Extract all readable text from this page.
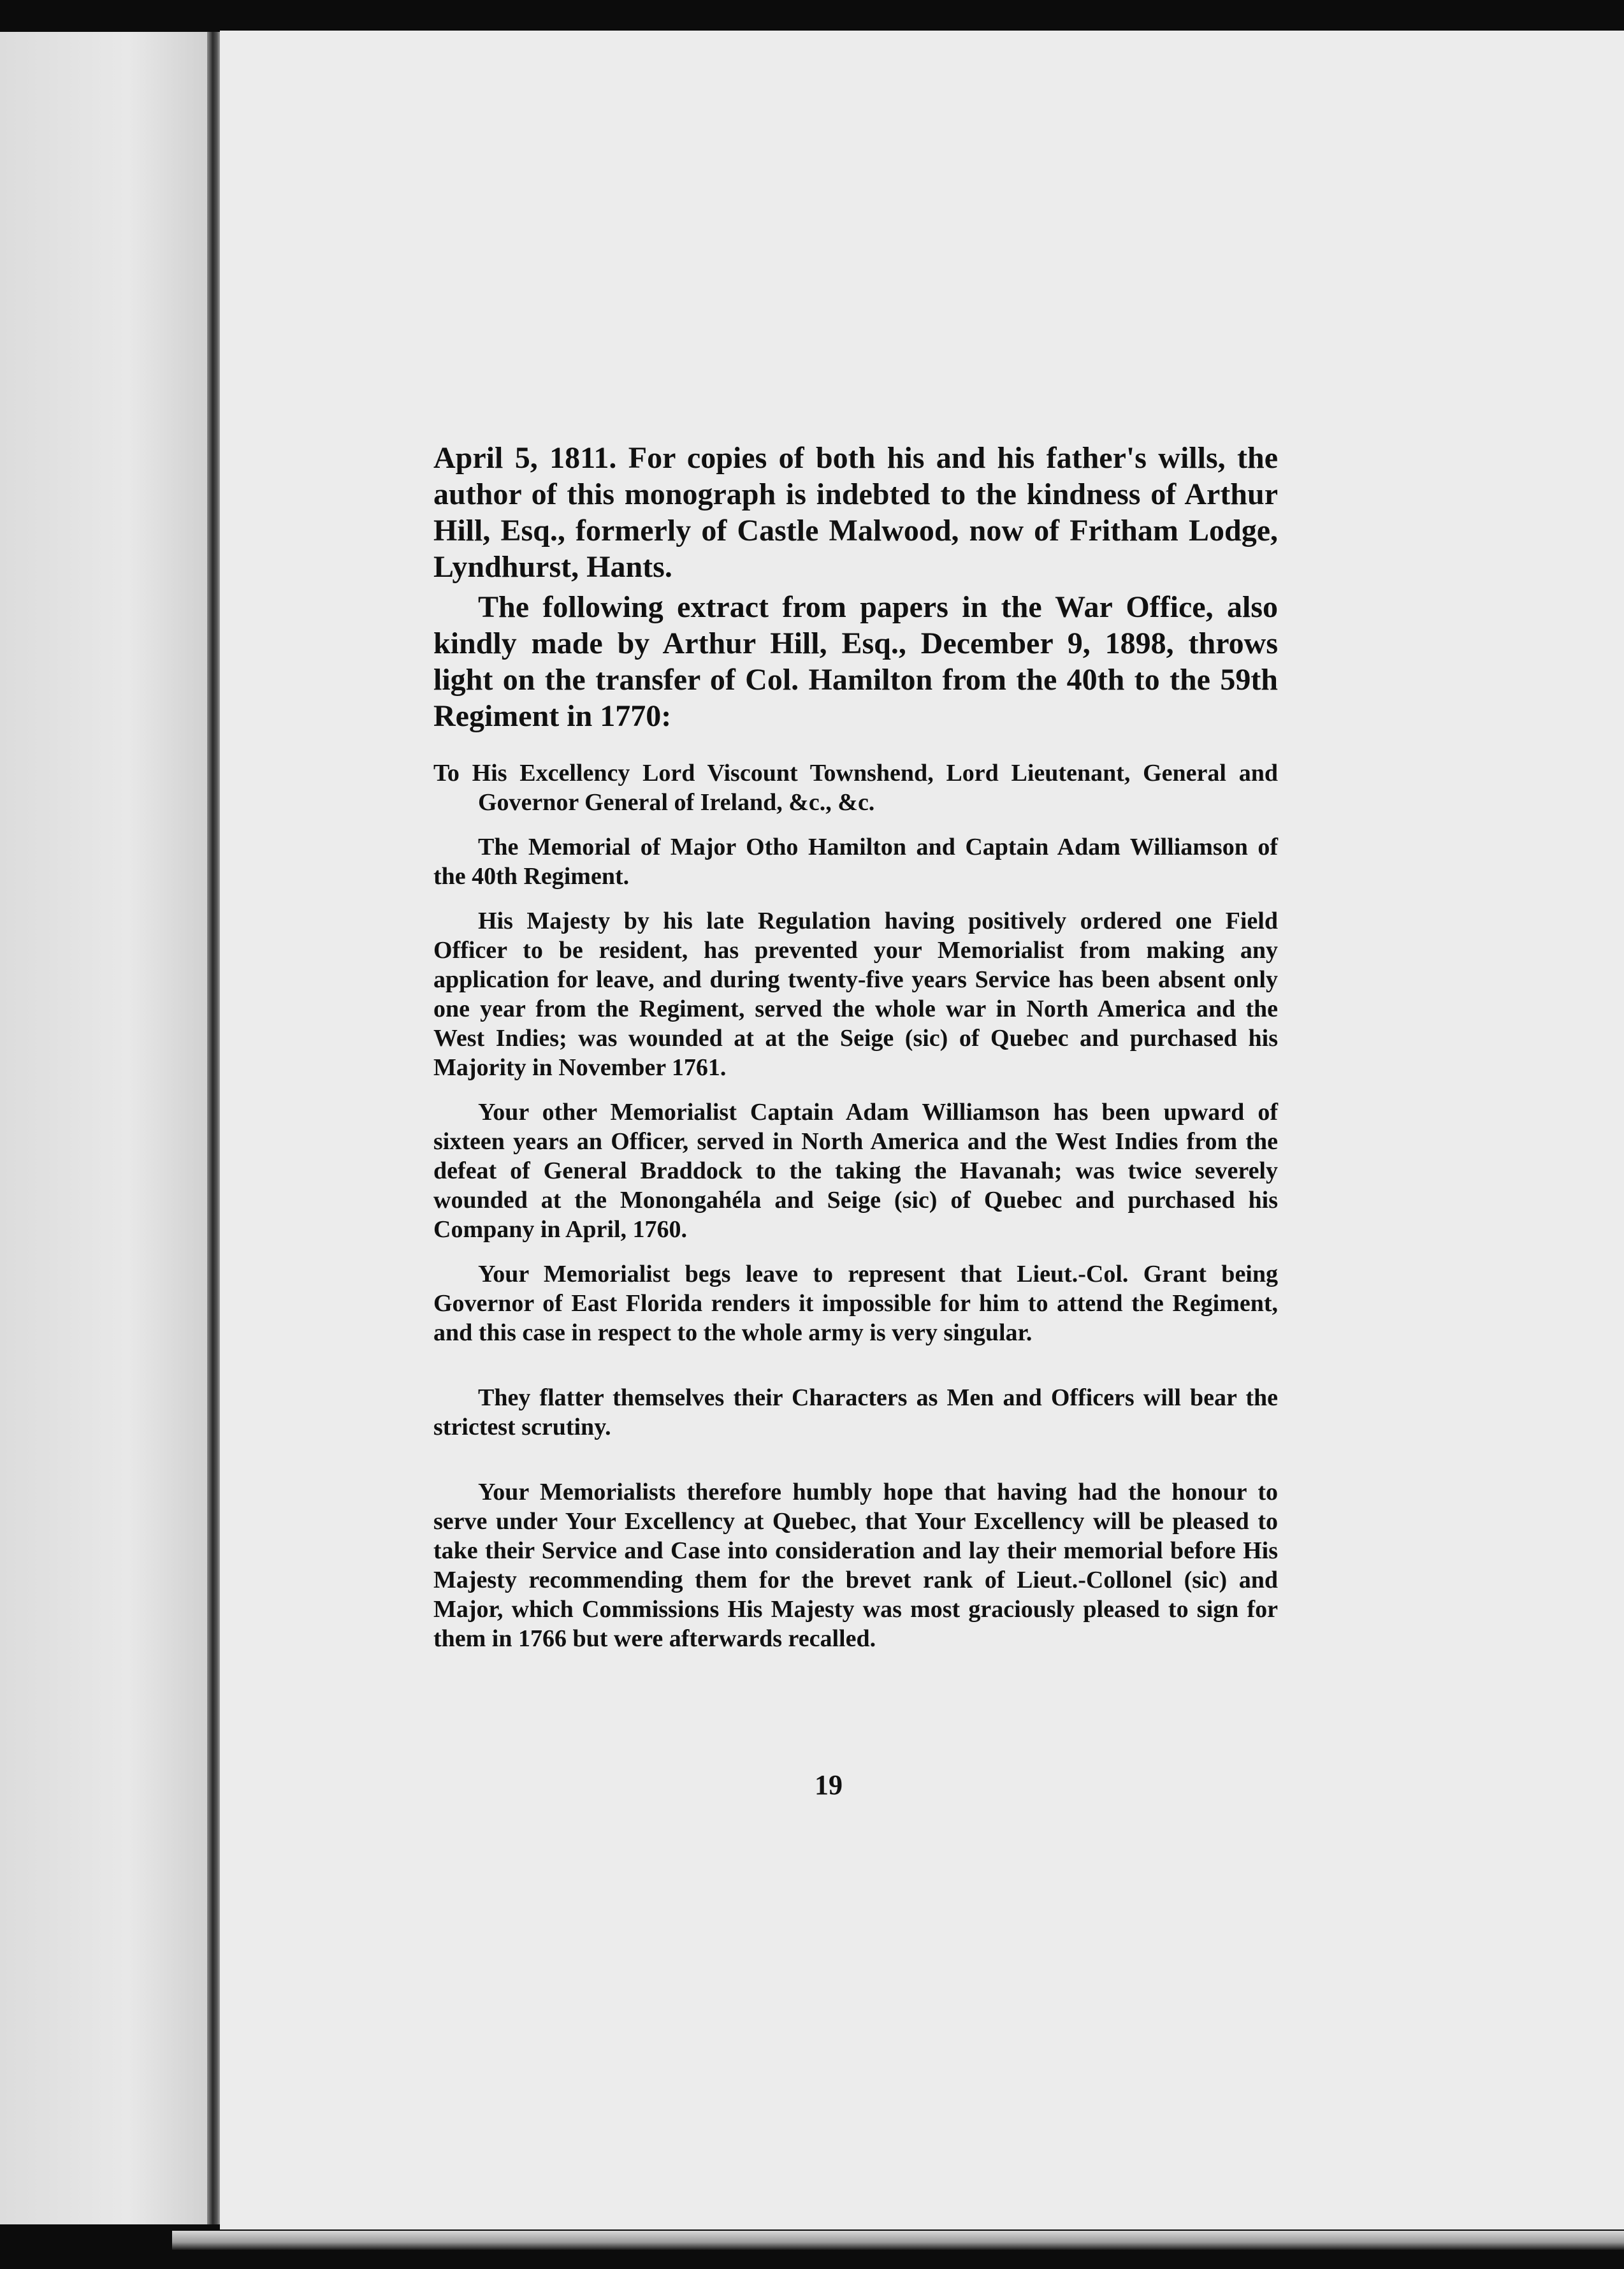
April 5, 1811. For copies of both his and his father's wills, the author of this monograph is indebted to the kindness of Arthur Hill, Esq., formerly of Castle Malwood, now of Fritham Lodge, Lyndhurst, Hants.

The following extract from papers in the War Office, also kindly made by Arthur Hill, Esq., December 9, 1898, throws light on the transfer of Col. Hamilton from the 40th to the 59th Regiment in 1770:

To His Excellency Lord Viscount Townshend, Lord Lieutenant, General and Governor General of Ireland, &c., &c.

The Memorial of Major Otho Hamilton and Captain Adam Williamson of the 40th Regiment.

His Majesty by his late Regulation having positively ordered one Field Officer to be resident, has prevented your Memorialist from making any application for leave, and during twenty-five years Service has been absent only one year from the Regiment, served the whole war in North America and the West Indies; was wounded at at the Seige (sic) of Quebec and purchased his Majority in November 1761.

Your other Memorialist Captain Adam Williamson has been upward of sixteen years an Officer, served in North America and the West Indies from the defeat of General Braddock to the taking the Havanah; was twice severely wounded at the Monongahéla and Seige (sic) of Quebec and purchased his Company in April, 1760.

Your Memorialist begs leave to represent that Lieut.-Col. Grant being Governor of East Florida renders it impossible for him to attend the Regiment, and this case in respect to the whole army is very singular.

They flatter themselves their Characters as Men and Officers will bear the strictest scrutiny.

Your Memorialists therefore humbly hope that having had the honour to serve under Your Excellency at Quebec, that Your Excellency will be pleased to take their Service and Case into consideration and lay their memorial before His Majesty recommending them for the brevet rank of Lieut.-Collonel (sic) and Major, which Commissions His Majesty was most graciously pleased to sign for them in 1766 but were afterwards recalled.

19
